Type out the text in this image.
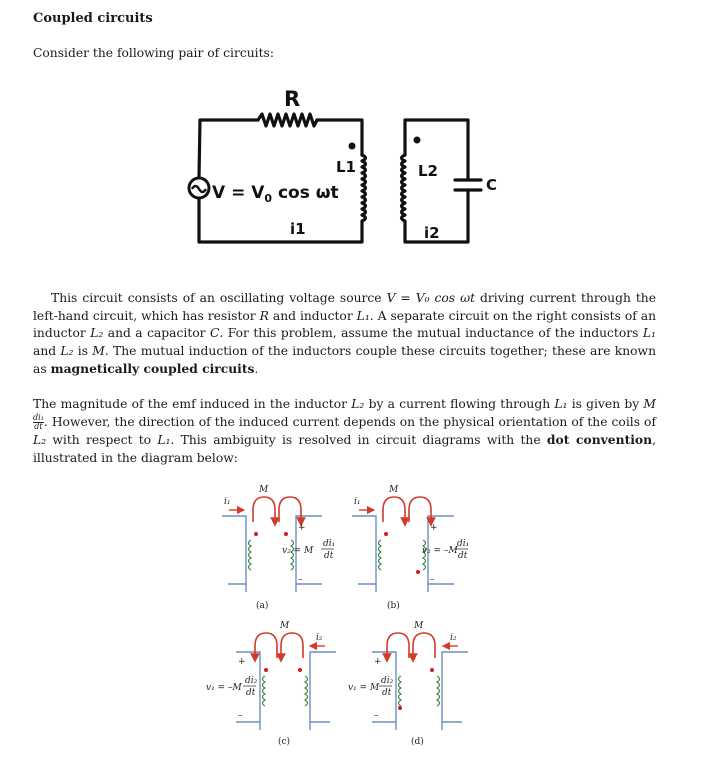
Coupled circuits

Consider the following pair of circuits:

R
$V = V_0$ cos ωt
L1	L2
C
i1	i2

This circuit consists of an oscillating voltage source V = V₀ cos ωt driving current through the left-hand circuit, which has resistor R and inductor L₁. A separate circuit on the right consists of an inductor L₂ and a capacitor C. For this problem, assume the mutual inductance of the inductors L₁ and L₂ is M. The mutual induction of the inductors couple these circuits together; these are known as magnetically coupled circuits.

The magnitude of the emf induced in the inductor L₂ by a current flowing through L₁ is given by M
$\frac{\text{di₁}}{dt}$ . However, the direction of the induced current depends on the physical orientation of the coils of L₂ with respect to L₁. This ambiguity is resolved in circuit diagrams with the dot convention, illustrated in the diagram below:

M
i₁
+
–
v₂ = M
di₁
dt
(a)
M
i₁
+
–
v₂ = –M
di₁
dt
(b)
M
i₂
+
–
v₁ = –M
di₂
dt
(c)
M
i₂
+
–
v₁ = M
di₂
dt
(d)
